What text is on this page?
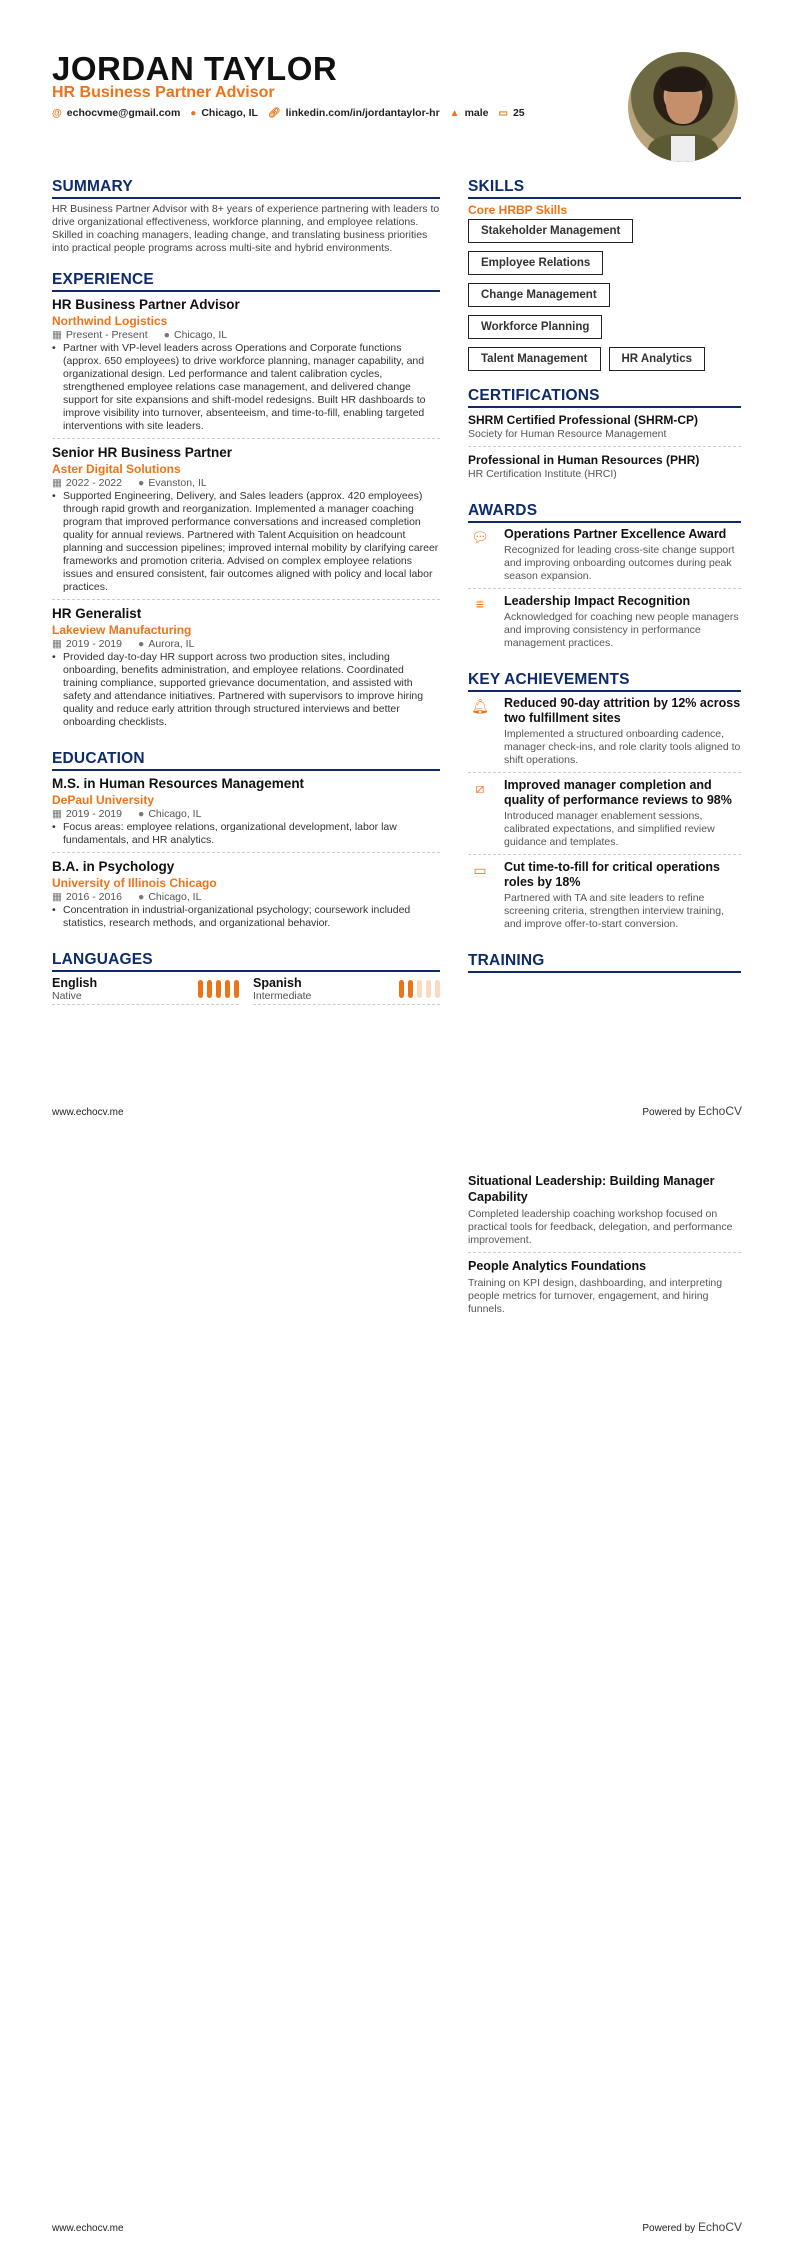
JORDAN TAYLOR
HR Business Partner Advisor
@ echocvme@gmail.com ● Chicago, IL 🔗︎ linkedin.com/in/jordantaylor-hr ▲ male ▭ 25
SUMMARY

HR Business Partner Advisor with 8+ years of experience partnering with leaders to drive organizational effectiveness, workforce planning, and employee relations. Skilled in coaching managers, leading change, and translating business priorities into practical people programs across multi-site and hybrid environments.

EXPERIENCE
HR Business Partner Advisor
Northwind Logistics
▦ Present - Present ● Chicago, IL
• Partner with VP-level leaders across Operations and Corporate functions (approx. 650 employees) to drive workforce planning, manager capability, and organizational design. Led performance and talent calibration cycles, strengthened employee relations case management, and delivered change support for site expansions and shift-model redesigns. Built HR dashboards to improve visibility into turnover, absenteeism, and time-to-fill, enabling targeted interventions with site leaders.
Senior HR Business Partner
Aster Digital Solutions
▦ 2022 - 2022 ● Evanston, IL
• Supported Engineering, Delivery, and Sales leaders (approx. 420 employees) through rapid growth and reorganization. Implemented a manager coaching program that improved performance conversations and increased completion quality for annual reviews. Partnered with Talent Acquisition on headcount planning and succession pipelines; improved internal mobility by clarifying career frameworks and promotion criteria. Advised on complex employee relations issues and ensured consistent, fair outcomes aligned with policy and local labor practices.
HR Generalist
Lakeview Manufacturing
▦ 2019 - 2019 ● Aurora, IL
• Provided day-to-day HR support across two production sites, including onboarding, benefits administration, and employee relations. Coordinated training compliance, supported grievance documentation, and assisted with safety and attendance initiatives. Partnered with supervisors to improve hiring quality and reduce early attrition through structured interviews and better onboarding checklists.
EDUCATION
M.S. in Human Resources Management
DePaul University
▦ 2019 - 2019 ● Chicago, IL
• Focus areas: employee relations, organizational development, labor law fundamentals, and HR analytics.
B.A. in Psychology
University of Illinois Chicago
▦ 2016 - 2016 ● Chicago, IL
• Concentration in industrial-organizational psychology; coursework included statistics, research methods, and organizational behavior.
LANGUAGES
English
Native
Spanish
Intermediate
SKILLS
Core HRBP Skills
Stakeholder Management
Employee Relations
Change Management
Workforce Planning
Talent Management	HR Analytics
CERTIFICATIONS
SHRM Certified Professional (SHRM-CP)
Society for Human Resource Management
Professional in Human Resources (PHR)
HR Certification Institute (HRCI)
AWARDS
💬︎ Operations Partner Excellence Award
Recognized for leading cross-site change support and improving onboarding outcomes during peak season expansion.
≡	Leadership Impact Recognition
Acknowledged for coaching new people managers and improving consistency in performance management practices.
KEY ACHIEVEMENTS
🔔︎ Reduced 90-day attrition by 12% across two fulfillment sites
Implemented a structured onboarding cadence, manager check-ins, and role clarity tools aligned to shift operations.
⧄	Improved manager completion and quality of performance reviews to 98%
Introduced manager enablement sessions, calibrated expectations, and simplified review guidance and templates.
▭	Cut time-to-fill for critical operations roles by 18%
Partnered with TA and site leaders to refine screening criteria, strengthen interview training, and improve offer-to-start conversion.
TRAINING
www.echocv.me	Powered by EchoCV
Situational Leadership: Building Manager Capability
Completed leadership coaching workshop focused on practical tools for feedback, delegation, and performance improvement.
People Analytics Foundations
Training on KPI design, dashboarding, and interpreting people metrics for turnover, engagement, and hiring funnels.
www.echocv.me	Powered by EchoCV
